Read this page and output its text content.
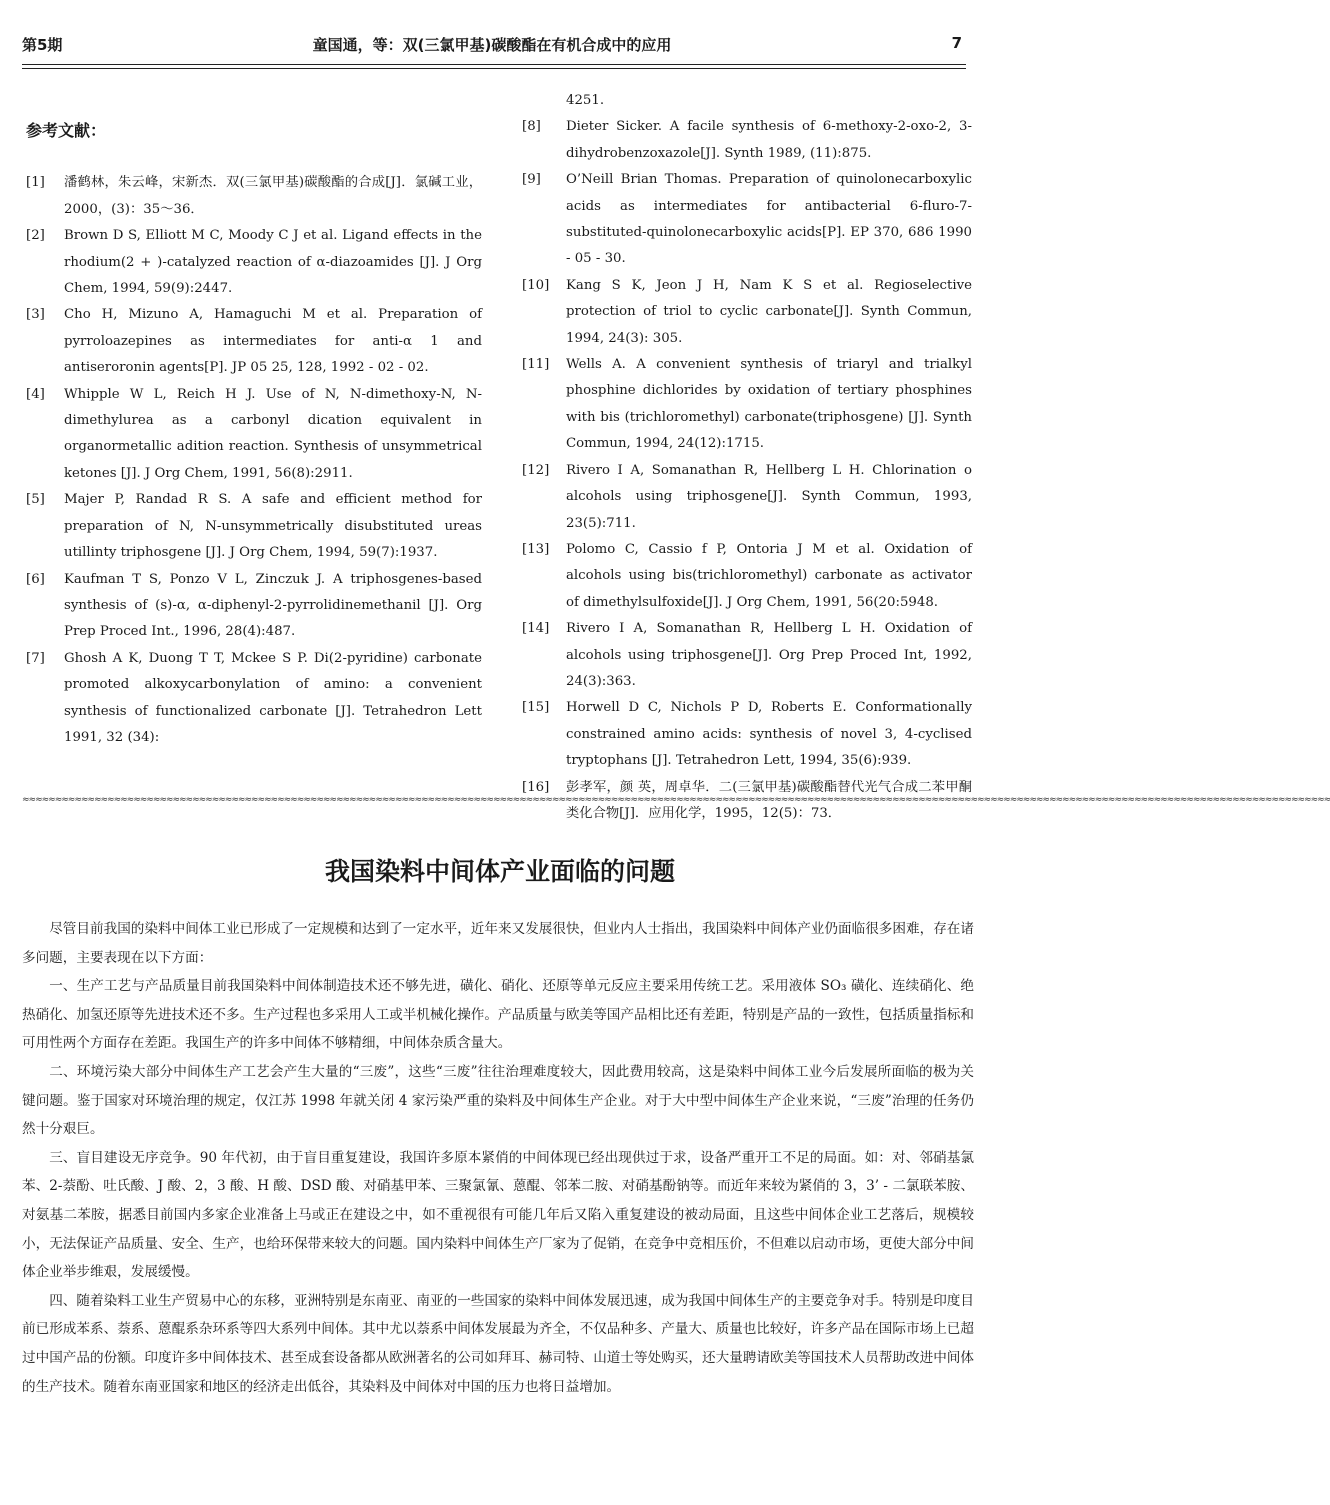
第5期	童国通，等：双(三氯甲基)碳酸酯在有机合成中的应用	7
参考文献：
[1]	潘鹤林，朱云峰，宋新杰．双(三氯甲基)碳酸酯的合成[J]．氯碱工业，2000，(3)：35～36．
[2]	Brown D S, Elliott M C, Moody C J et al. Ligand effects in the rhodium(2 + )-catalyzed reaction of α-diazoamides [J]. J Org Chem, 1994, 59(9):2447.
[3]	Cho H, Mizuno A, Hamaguchi M et al. Preparation of pyrroloazepines as intermediates for anti-α 1 and antiseroronin agents[P]. JP 05 25, 128, 1992 - 02 - 02.
[4]	Whipple W L, Reich H J. Use of N, N-dimethoxy-N, N-dimethylurea as a carbonyl dication equivalent in organormetallic adition reaction. Synthesis of unsymmetrical ketones [J]. J Org Chem, 1991, 56(8):2911.
[5]	Majer P, Randad R S. A safe and efficient method for preparation of N, N-unsymmetrically disubstituted ureas utillinty triphosgene [J]. J Org Chem, 1994, 59(7):1937.
[6]	Kaufman T S, Ponzo V L, Zinczuk J. A triphosgenes-based synthesis of (s)-α, α-diphenyl-2-pyrrolidinemethanil [J]. Org Prep Proced Int., 1996, 28(4):487.
[7]	Ghosh A K, Duong T T, Mckee S P. Di(2-pyridine) carbonate promoted alkoxycarbonylation of amino: a convenient synthesis of functionalized carbonate [J]. Tetrahedron Lett 1991, 32 (34):
4251.
[8]	Dieter Sicker. A facile synthesis of 6-methoxy-2-oxo-2, 3-dihydrobenzoxazole[J]. Synth 1989, (11):875.
[9]	O’Neill Brian Thomas. Preparation of quinolonecarboxylic acids as intermediates for antibacterial 6-fluro-7-substituted-quinolonecarboxylic acids[P]. EP 370, 686 1990 - 05 - 30.
[10]	Kang S K, Jeon J H, Nam K S et al. Regioselective protection of triol to cyclic carbonate[J]. Synth Commun, 1994, 24(3): 305.
[11]	Wells A. A convenient synthesis of triaryl and trialkyl phosphine dichlorides by oxidation of tertiary phosphines with bis (trichloromethyl) carbonate(triphosgene) [J]. Synth Commun, 1994, 24(12):1715.
[12]	Rivero I A, Somanathan R, Hellberg L H. Chlorination o alcohols using triphosgene[J]. Synth Commun, 1993, 23(5):711.
[13]	Polomo C, Cassio f P, Ontoria J M et al. Oxidation of alcohols using bis(trichloromethyl) carbonate as activator of dimethylsulfoxide[J]. J Org Chem, 1991, 56(20:5948.
[14]	Rivero I A, Somanathan R, Hellberg L H. Oxidation of alcohols using triphosgene[J]. Org Prep Proced Int, 1992, 24(3):363.
[15]	Horwell D C, Nichols P D, Roberts E. Conformationally constrained amino acids: synthesis of novel 3, 4-cyclised tryptophans [J]. Tetrahedron Lett, 1994, 35(6):939.
[16]	彭孝军，颜 英，周卓华．二(三氯甲基)碳酸酯替代光气合成二苯甲酮类化合物[J]．应用化学，1995，12(5)：73．
≈≈≈≈≈≈≈≈≈≈≈≈≈≈≈≈≈≈≈≈≈≈≈≈≈≈≈≈≈≈≈≈≈≈≈≈≈≈≈≈≈≈≈≈≈≈≈≈≈≈≈≈≈≈≈≈≈≈≈≈≈≈≈≈≈≈≈≈≈≈≈≈≈≈≈≈≈≈≈≈≈≈≈≈≈≈≈≈≈≈≈≈≈≈≈≈≈≈≈≈≈≈≈≈≈≈≈≈≈≈≈≈≈≈≈≈≈≈≈≈≈≈≈≈≈≈≈≈≈≈≈≈≈≈≈≈≈≈≈≈≈≈≈≈≈≈≈≈≈≈≈≈≈≈≈≈≈≈≈≈≈≈≈≈≈≈≈≈≈≈≈≈≈≈≈≈≈≈≈≈≈≈≈≈≈≈≈≈≈≈≈≈≈≈≈≈≈≈≈≈
我国染料中间体产业面临的问题

尽管目前我国的染料中间体工业已形成了一定规模和达到了一定水平，近年来又发展很快，但业内人士指出，我国染料中间体产业仍面临很多困难，存在诸多问题，主要表现在以下方面：

一、生产工艺与产品质量目前我国染料中间体制造技术还不够先进，磺化、硝化、还原等单元反应主要采用传统工艺。采用液体 SO₃ 磺化、连续硝化、绝热硝化、加氢还原等先进技术还不多。生产过程也多采用人工或半机械化操作。产品质量与欧美等国产品相比还有差距，特别是产品的一致性，包括质量指标和可用性两个方面存在差距。我国生产的许多中间体不够精细，中间体杂质含量大。

二、环境污染大部分中间体生产工艺会产生大量的“三废”，这些“三废”往往治理难度较大，因此费用较高，这是染料中间体工业今后发展所面临的极为关键问题。鉴于国家对环境治理的规定，仅江苏 1998 年就关闭 4 家污染严重的染料及中间体生产企业。对于大中型中间体生产企业来说，“三废”治理的任务仍然十分艰巨。

三、盲目建设无序竞争。90 年代初，由于盲目重复建设，我国许多原本紧俏的中间体现已经出现供过于求，设备严重开工不足的局面。如：对、邻硝基氯苯、2-萘酚、吐氏酸、J 酸、2，3 酸、H 酸、DSD 酸、对硝基甲苯、三聚氯氰、蒽醌、邻苯二胺、对硝基酚钠等。而近年来较为紧俏的 3，3’ - 二氯联苯胺、对氨基二苯胺，据悉目前国内多家企业准备上马或正在建设之中，如不重视很有可能几年后又陷入重复建设的被动局面，且这些中间体企业工艺落后，规模较小，无法保证产品质量、安全、生产，也给环保带来较大的问题。国内染料中间体生产厂家为了促销，在竞争中竞相压价，不但难以启动市场，更使大部分中间体企业举步维艰，发展缓慢。

四、随着染料工业生产贸易中心的东移，亚洲特别是东南亚、南亚的一些国家的染料中间体发展迅速，成为我国中间体生产的主要竞争对手。特别是印度目前已形成苯系、萘系、蒽醌系杂环系等四大系列中间体。其中尤以萘系中间体发展最为齐全，不仅品种多、产量大、质量也比较好，许多产品在国际市场上已超过中国产品的份额。印度许多中间体技术、甚至成套设备都从欧洲著名的公司如拜耳、赫司特、山道士等处购买，还大量聘请欧美等国技术人员帮助改进中间体的生产技术。随着东南亚国家和地区的经济走出低谷，其染料及中间体对中国的压力也将日益增加。
